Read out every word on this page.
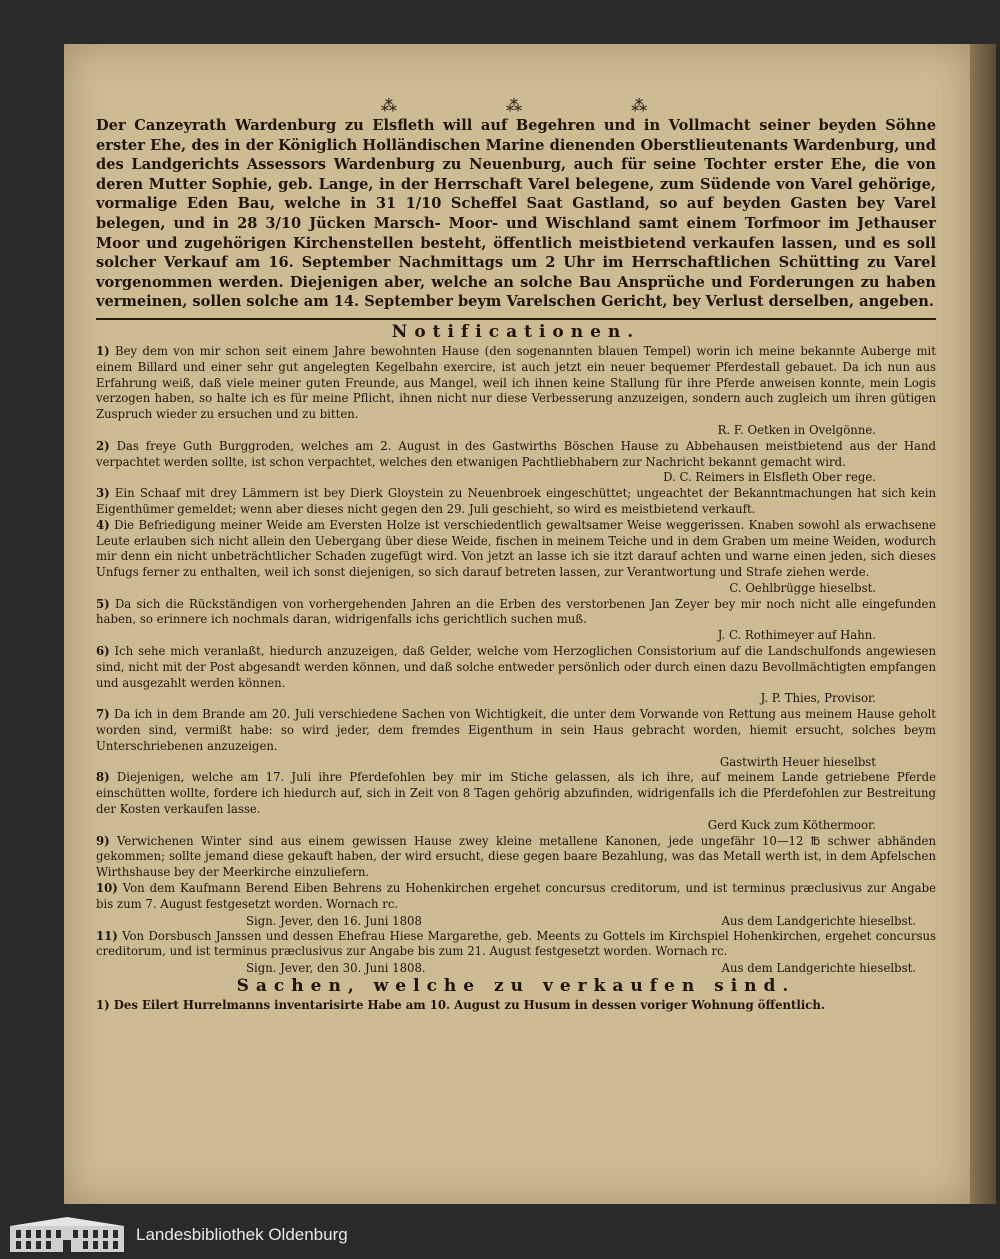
⁂	⁂	⁂

Der Canzeyrath Wardenburg zu Elsfleth will auf Begehren und in Vollmacht seiner beyden Söhne erster Ehe, des in der Königlich Holländischen Marine dienenden Oberstlieutenants Wardenburg, und des Landgerichts Assessors Wardenburg zu Neuenburg, auch für seine Tochter erster Ehe, die von deren Mutter Sophie, geb. Lange, in der Herrschaft Varel belegene, zum Südende von Varel gehörige, vormalige Eden Bau, welche in 31 1/10 Scheffel Saat Gastland, so auf beyden Gasten bey Varel belegen, und in 28 3/10 Jücken Marsch- Moor- und Wischland samt einem Torfmoor im Jethauser Moor und zugehörigen Kirchenstellen besteht, öffentlich meistbietend verkaufen lassen, und es soll solcher Verkauf am 16. September Nachmittags um 2 Uhr im Herrschaftlichen Schütting zu Varel vorgenommen werden. Diejenigen aber, welche an solche Bau Ansprüche und Forderungen zu haben vermeinen, sollen solche am 14. September beym Varelschen Gericht, bey Verlust derselben, angeben.

Notificationen.

1) Bey dem von mir schon seit einem Jahre bewohnten Hause (den sogenannten blauen Tempel) worin ich meine bekannte Auberge mit einem Billard und einer sehr gut angelegten Kegelbahn exercire, ist auch jetzt ein neuer bequemer Pferdestall gebauet. Da ich nun aus Erfahrung weiß, daß viele meiner guten Freunde, aus Mangel, weil ich ihnen keine Stallung für ihre Pferde anweisen konnte, mein Logis verzogen haben, so halte ich es für meine Pflicht, ihnen nicht nur diese Verbesserung anzuzeigen, sondern auch zugleich um ihren gütigen Zuspruch wieder zu ersuchen und zu bitten.

R. F. Oetken in Ovelgönne.

2) Das freye Guth Burggroden, welches am 2. August in des Gastwirths Böschen Hause zu Abbehausen meistbietend aus der Hand verpachtet werden sollte, ist schon verpachtet, welches den etwanigen Pachtliebhabern zur Nachricht bekannt gemacht wird.

D. C. Reimers in Elsfleth Ober rege.

3) Ein Schaaf mit drey Lämmern ist bey Dierk Gloystein zu Neuenbroek eingeschüttet; ungeachtet der Bekanntmachungen hat sich kein Eigenthümer gemeldet; wenn aber dieses nicht gegen den 29. Juli geschieht, so wird es meistbietend verkauft.

4) Die Befriedigung meiner Weide am Eversten Holze ist verschiedentlich gewaltsamer Weise weggerissen. Knaben sowohl als erwachsene Leute erlauben sich nicht allein den Uebergang über diese Weide, fischen in meinem Teiche und in dem Graben um meine Weiden, wodurch mir denn ein nicht unbeträchtlicher Schaden zugefügt wird. Von jetzt an lasse ich sie itzt darauf achten und warne einen jeden, sich dieses Unfugs ferner zu enthalten, weil ich sonst diejenigen, so sich darauf betreten lassen, zur Verantwortung und Strafe ziehen werde.

C. Oehlbrügge hieselbst.

5) Da sich die Rückständigen von vorhergehenden Jahren an die Erben des verstorbenen Jan Zeyer bey mir noch nicht alle eingefunden haben, so erinnere ich nochmals daran, widrigenfalls ichs gerichtlich suchen muß.

J. C. Rothimeyer auf Hahn.

6) Ich sehe mich veranlaßt, hiedurch anzuzeigen, daß Gelder, welche vom Herzoglichen Consistorium auf die Landschulfonds angewiesen sind, nicht mit der Post abgesandt werden können, und daß solche entweder persönlich oder durch einen dazu Bevollmächtigten empfangen und ausgezahlt werden können.

J. P. Thies, Provisor.

7) Da ich in dem Brande am 20. Juli verschiedene Sachen von Wichtigkeit, die unter dem Vorwande von Rettung aus meinem Hause geholt worden sind, vermißt habe: so wird jeder, dem fremdes Eigenthum in sein Haus gebracht worden, hiemit ersucht, solches beym Unterschriebenen anzuzeigen.

Gastwirth Heuer hieselbst

8) Diejenigen, welche am 17. Juli ihre Pferdefohlen bey mir im Stiche gelassen, als ich ihre, auf meinem Lande getriebene Pferde einschütten wollte, fordere ich hiedurch auf, sich in Zeit von 8 Tagen gehörig abzufinden, widrigenfalls ich die Pferdefohlen zur Bestreitung der Kosten verkaufen lasse.

Gerd Kuck zum Köthermoor.

9) Verwichenen Winter sind aus einem gewissen Hause zwey kleine metallene Kanonen, jede ungefähr 10—12 ℔ schwer abhänden gekommen; sollte jemand diese gekauft haben, der wird ersucht, diese gegen baare Bezahlung, was das Metall werth ist, in dem Apfelschen Wirthshause bey der Meerkirche einzuliefern.

10) Von dem Kaufmann Berend Eiben Behrens zu Hohenkirchen ergehet concursus creditorum, und ist terminus præclusivus zur Angabe bis zum 7. August festgesetzt worden. Wornach rc.

Sign. Jever, den 16. Juni 1808	Aus dem Landgerichte hieselbst.

11) Von Dorsbusch Janssen und dessen Ehefrau Hiese Margarethe, geb. Meents zu Gottels im Kirchspiel Hohenkirchen, ergehet concursus creditorum, und ist terminus præclusivus zur Angabe bis zum 21. August festgesetzt worden. Wornach rc.

Sign. Jever, den 30. Juni 1808.	Aus dem Landgerichte hieselbst.

Sachen, welche zu verkaufen sind.

1) Des Eilert Hurrelmanns inventarisirte Habe am 10. August zu Husum in dessen voriger Wohnung öffentlich.

Landesbibliothek Oldenburg
